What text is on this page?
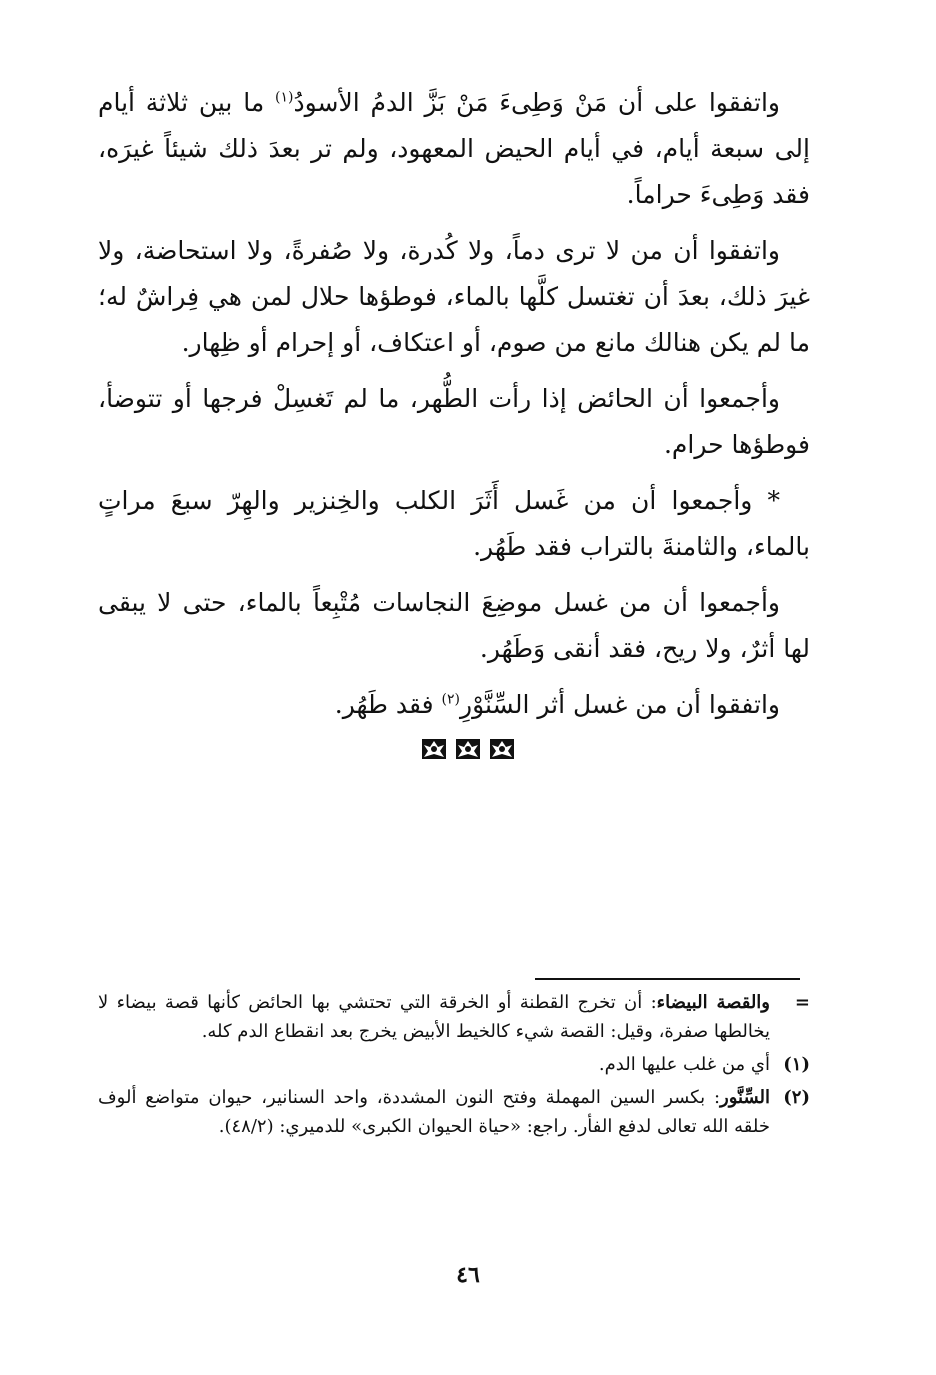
واتفقوا على أن مَنْ وَطِىءَ مَنْ بَزَّ الدمُ الأسودُ$^{(١)}$ ما بين ثلاثة أيام إلى سبعة أيام، في أيام الحيض المعهود، ولم تر بعدَ ذلك شيئاً غيرَه، فقد وَطِىءَ حراماً.

واتفقوا أن من لا ترى دماً، ولا كُدرة، ولا صُفرةً، ولا استحاضة، ولا غيرَ ذلك، بعدَ أن تغتسل كلَّها بالماء، فوطؤها حلال لمن هي فِراشٌ له؛ ما لم يكن هنالك مانع من صوم، أو اعتكاف، أو إحرام أو ظِهار.

وأجمعوا أن الحائض إذا رأت الطُّهر، ما لم تَغسِلْ فرجها أو تتوضأ، فوطؤها حرام.

* وأجمعوا أن من غَسل أَثَرَ الكلب والخِنزير والهِرّ سبعَ مراتٍ بالماء، والثامنةَ بالتراب فقد طَهُر.

وأجمعوا أن من غسل موضِعَ النجاسات مُتْبِعاً بالماء، حتى لا يبقى لها أثرٌ، ولا ريح، فقد أنقى وَطَهُر.

واتفقوا أن من غسل أثر السِّنَّوْرِ$^{(٢)}$ فقد طَهُر.

=
والقصة البيضاء: أن تخرج القطنة أو الخرقة التي تحتشي بها الحائض كأنها قصة بيضاء لا يخالطها صفرة، وقيل: القصة شيء كالخيط الأبيض يخرج بعد انقطاع الدم كله.
(١)
أي من غلب عليها الدم.
(٢)
السِّنَّور: بكسر السين المهملة وفتح النون المشددة، واحد السنانير، حيوان متواضع ألوف خلقه الله تعالى لدفع الفأر. راجع: «حياة الحيوان الكبرى» للدميري: (٤٨/٢).
٤٦
